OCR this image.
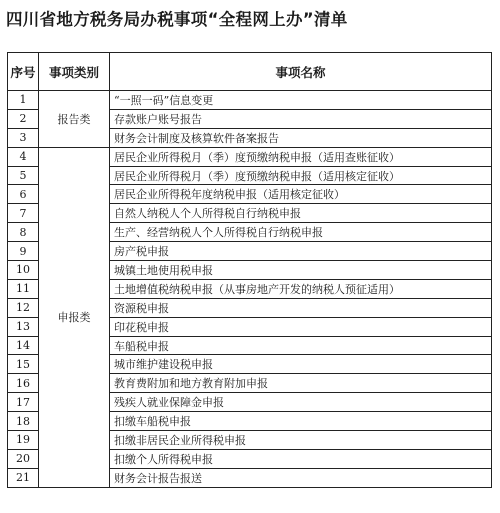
四川省地方税务局办税事项“全程网上办”清单
序号	事项类别	事项名称
1	报告类	“一照一码”信息变更
2		存款账户账号报告
3		财务会计制度及核算软件备案报告
4	申报类	居民企业所得税月（季）度预缴纳税申报（适用查账征收）
5		居民企业所得税月（季）度预缴纳税申报（适用核定征收）
6		居民企业所得税年度纳税申报（适用核定征收）
7		自然人纳税人个人所得税自行纳税申报
8		生产、经营纳税人个人所得税自行纳税申报
9		房产税申报
10		城镇土地使用税申报
11		土地增值税纳税申报（从事房地产开发的纳税人预征适用）
12		资源税申报
13		印花税申报
14		车船税申报
15		城市维护建设税申报
16		教育费附加和地方教育附加申报
17		残疾人就业保障金申报
18		扣缴车船税申报
19		扣缴非居民企业所得税申报
20		扣缴个人所得税申报
21		财务会计报告报送
